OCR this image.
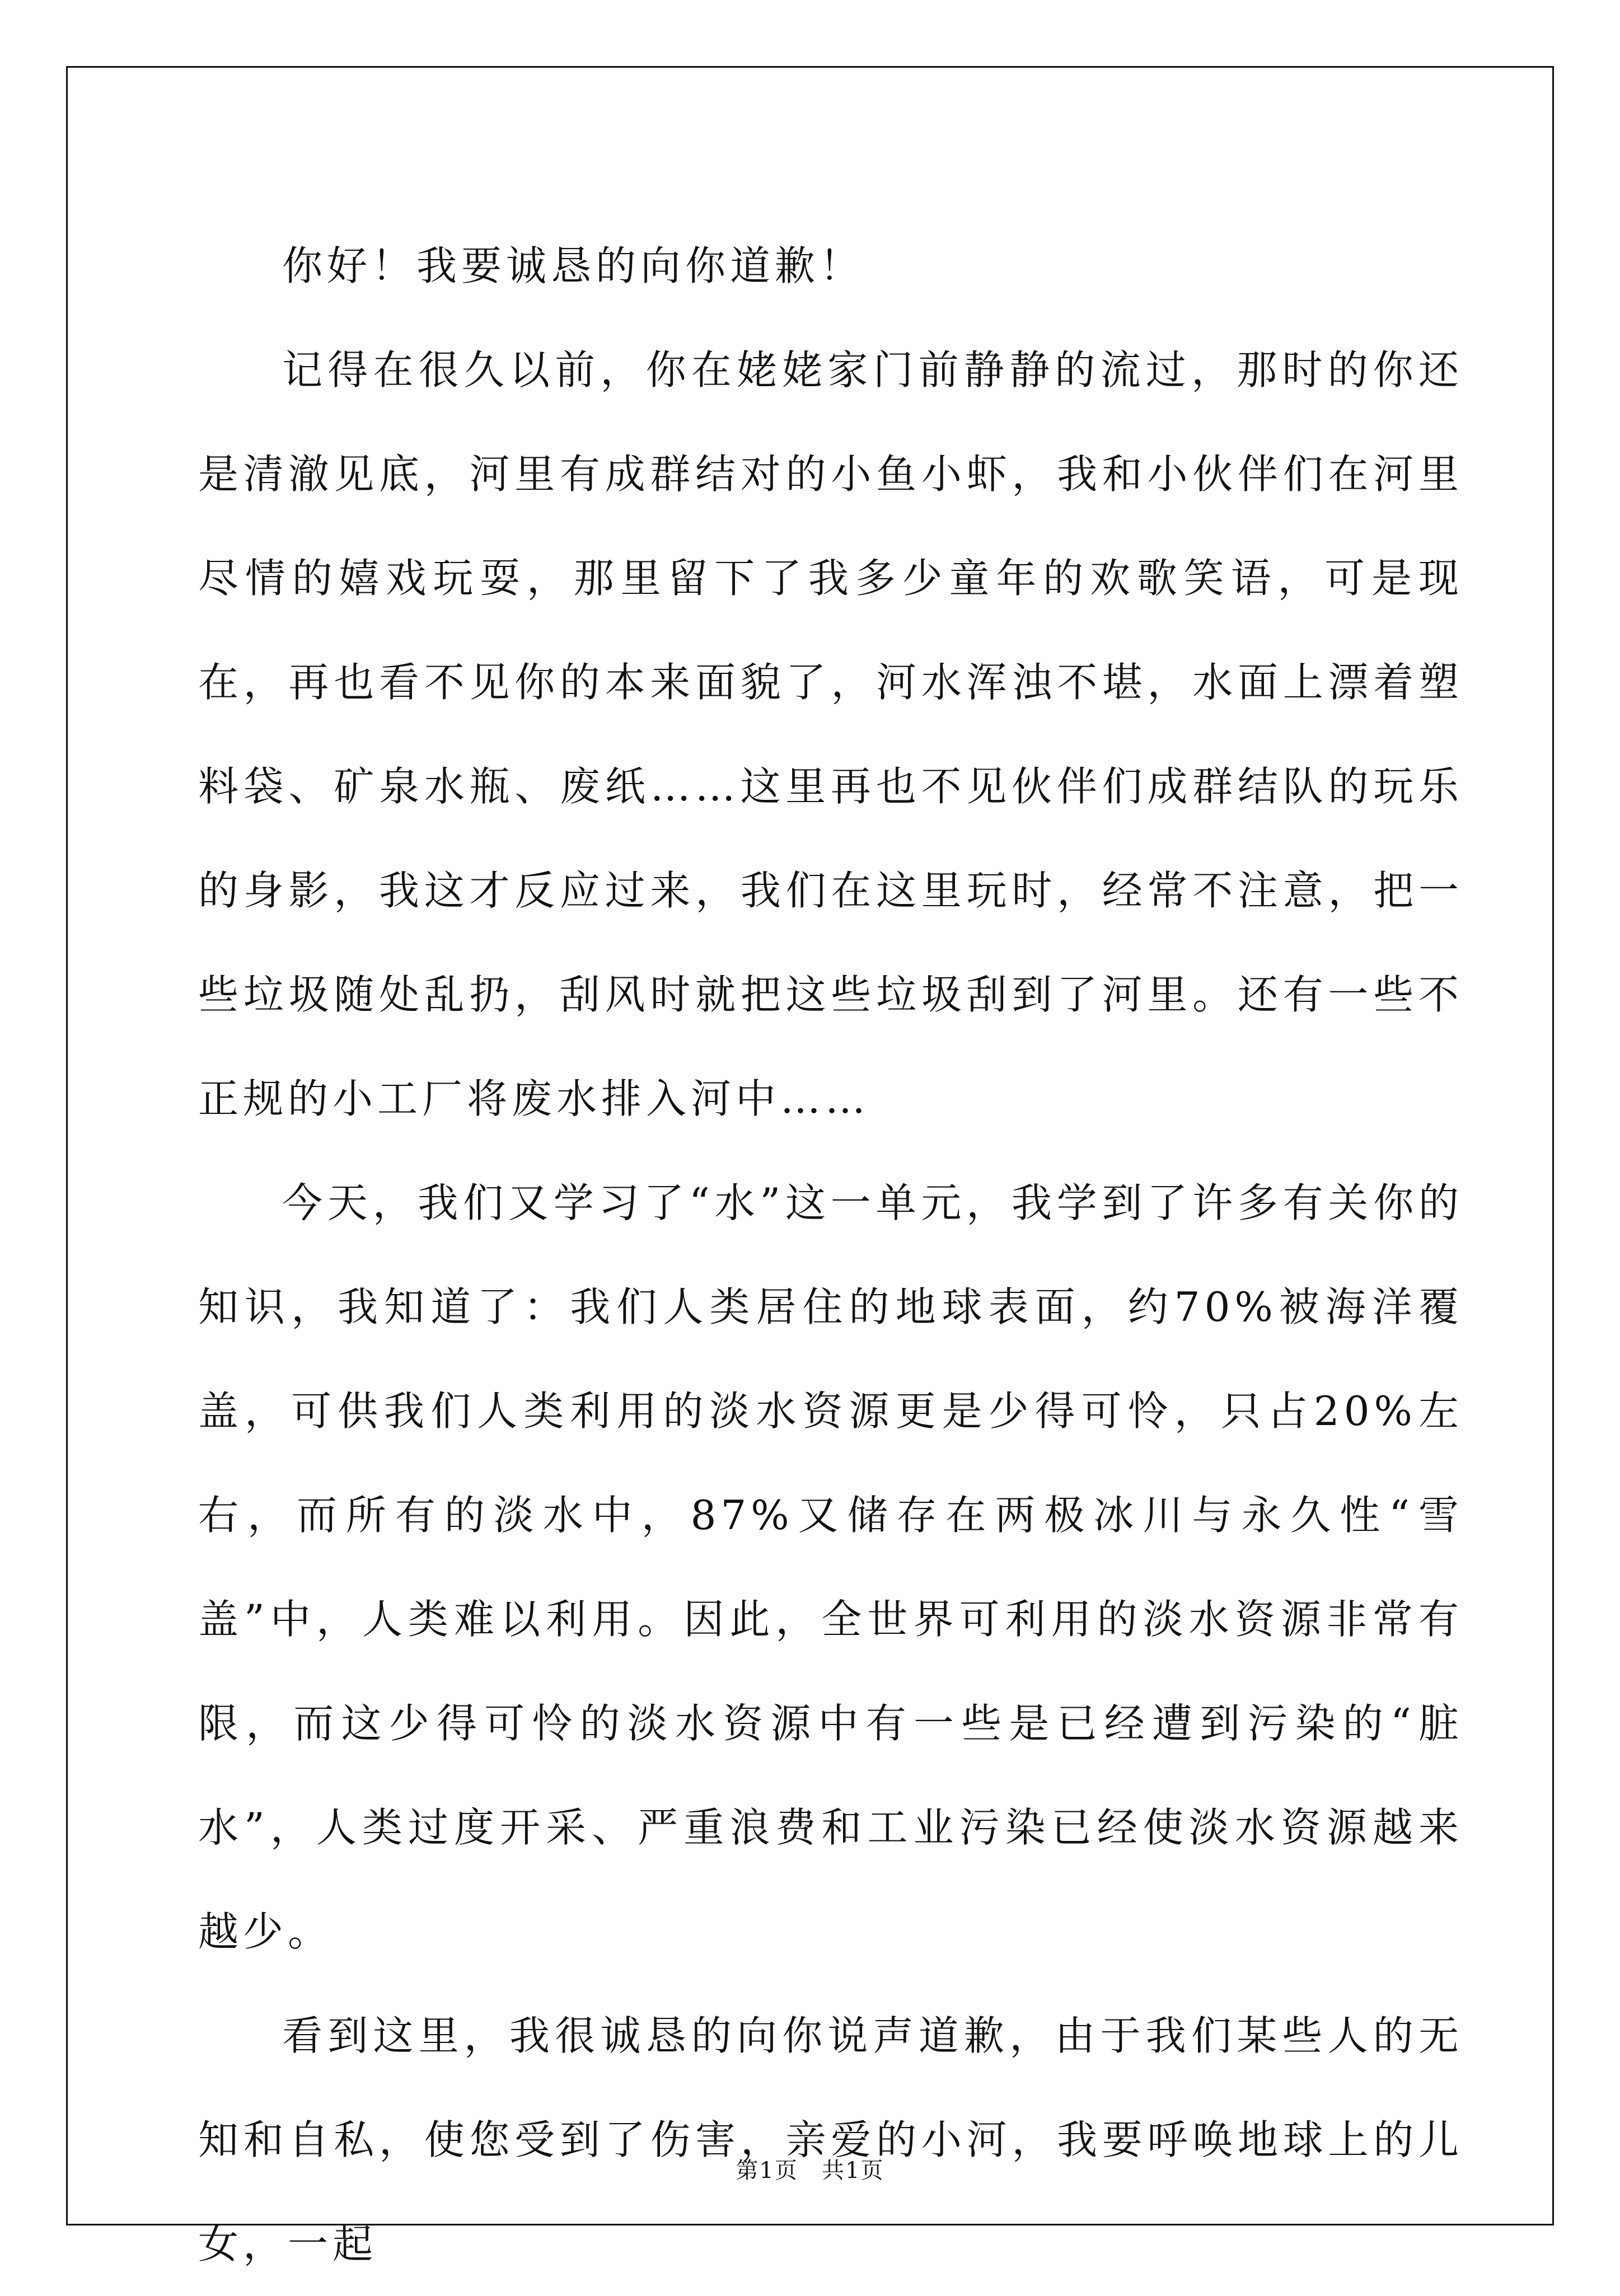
你好！我要诚恳的向你道歉！

记得在很久以前，你在姥姥家门前静静的流过，那时的你还是清澈见底，河里有成群结对的小鱼小虾，我和小伙伴们在河里尽情的嬉戏玩耍，那里留下了我多少童年的欢歌笑语，可是现在，再也看不见你的本来面貌了，河水浑浊不堪，水面上漂着塑料袋、矿泉水瓶、废纸……这里再也不见伙伴们成群结队的玩乐的身影，我这才反应过来，我们在这里玩时，经常不注意，把一些垃圾随处乱扔，刮风时就把这些垃圾刮到了河里。还有一些不正规的小工厂将废水排入河中……

今天，我们又学习了“水”这一单元，我学到了许多有关你的知识，我知道了：我们人类居住的地球表面，约70%被海洋覆盖，可供我们人类利用的淡水资源更是少得可怜，只占20%左右，而所有的淡水中，87%又储存在两极冰川与永久性“雪盖”中，人类难以利用。因此，全世界可利用的淡水资源非常有限，而这少得可怜的淡水资源中有一些是已经遭到污染的“脏水”，人类过度开采、严重浪费和工业污染已经使淡水资源越来越少。

看到这里，我很诚恳的向你说声道歉，由于我们某些人的无知和自私，使您受到了伤害，亲爱的小河，我要呼唤地球上的儿女，一起

第1页　共1页
